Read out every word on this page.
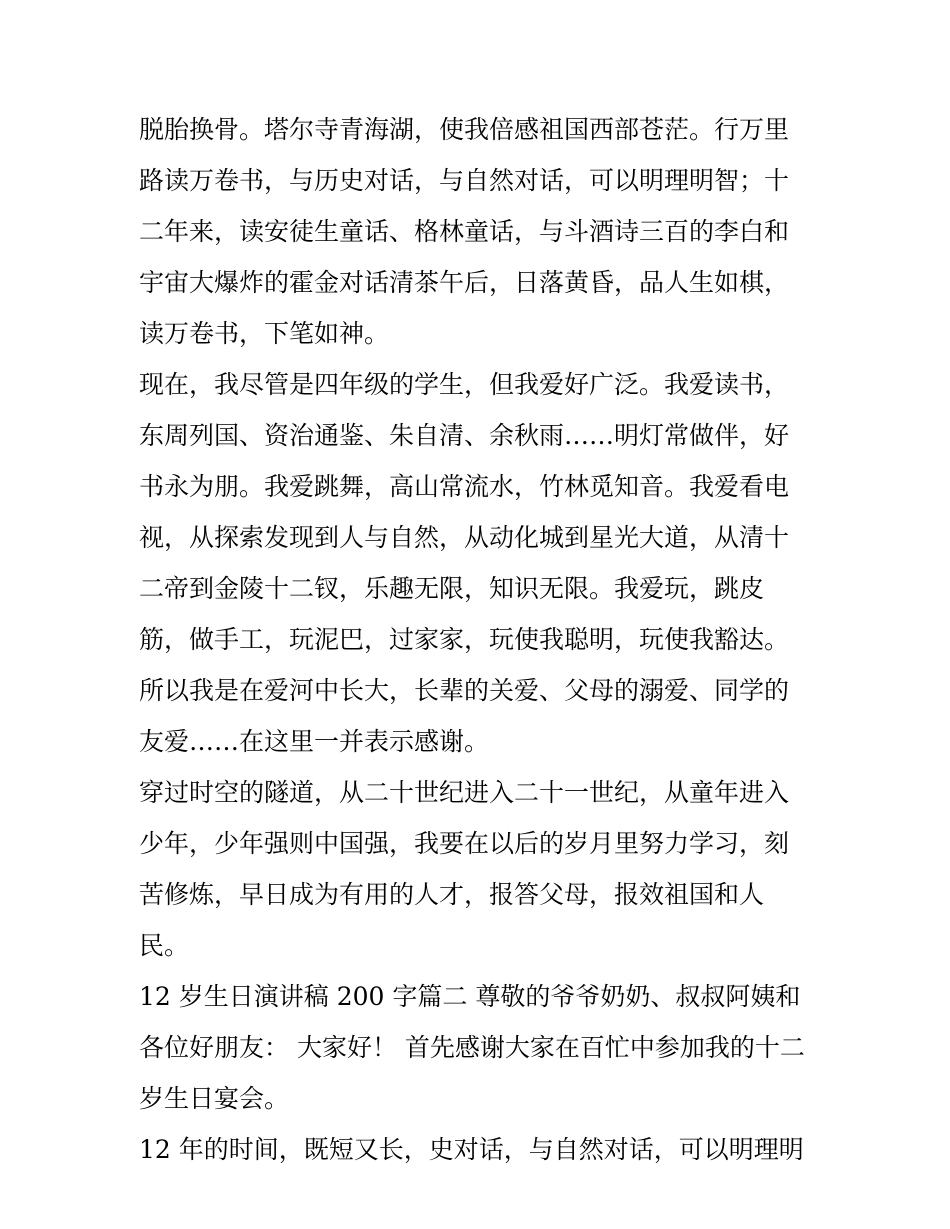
脱胎换骨。塔尔寺青海湖，使我倍感祖国西部苍茫。行万里路读万卷书，与历史对话，与自然对话，可以明理明智；十二年来，读安徒生童话、格林童话，与斗酒诗三百的李白和宇宙大爆炸的霍金对话清茶午后，日落黄昏，品人生如棋，读万卷书，下笔如神。

现在，我尽管是四年级的学生，但我爱好广泛。我爱读书，东周列国、资治通鉴、朱自清、余秋雨……明灯常做伴，好书永为朋。我爱跳舞，高山常流水，竹林觅知音。我爱看电视，从探索发现到人与自然，从动化城到星光大道，从清十二帝到金陵十二钗，乐趣无限，知识无限。我爱玩，跳皮筋，做手工，玩泥巴，过家家，玩使我聪明，玩使我豁达。

所以我是在爱河中长大，长辈的关爱、父母的溺爱、同学的友爱……在这里一并表示感谢。

穿过时空的隧道，从二十世纪进入二十一世纪，从童年进入少年，少年强则中国强，我要在以后的岁月里努力学习，刻苦修炼，早日成为有用的人才，报答父母，报效祖国和人民。

12 岁生日演讲稿 200 字篇二 尊敬的爷爷奶奶、叔叔阿姨和各位好朋友： 大家好！ 首先感谢大家在百忙中参加我的十二岁生日宴会。

12 年的时间，既短又长，史对话，与自然对话，可以明理明
